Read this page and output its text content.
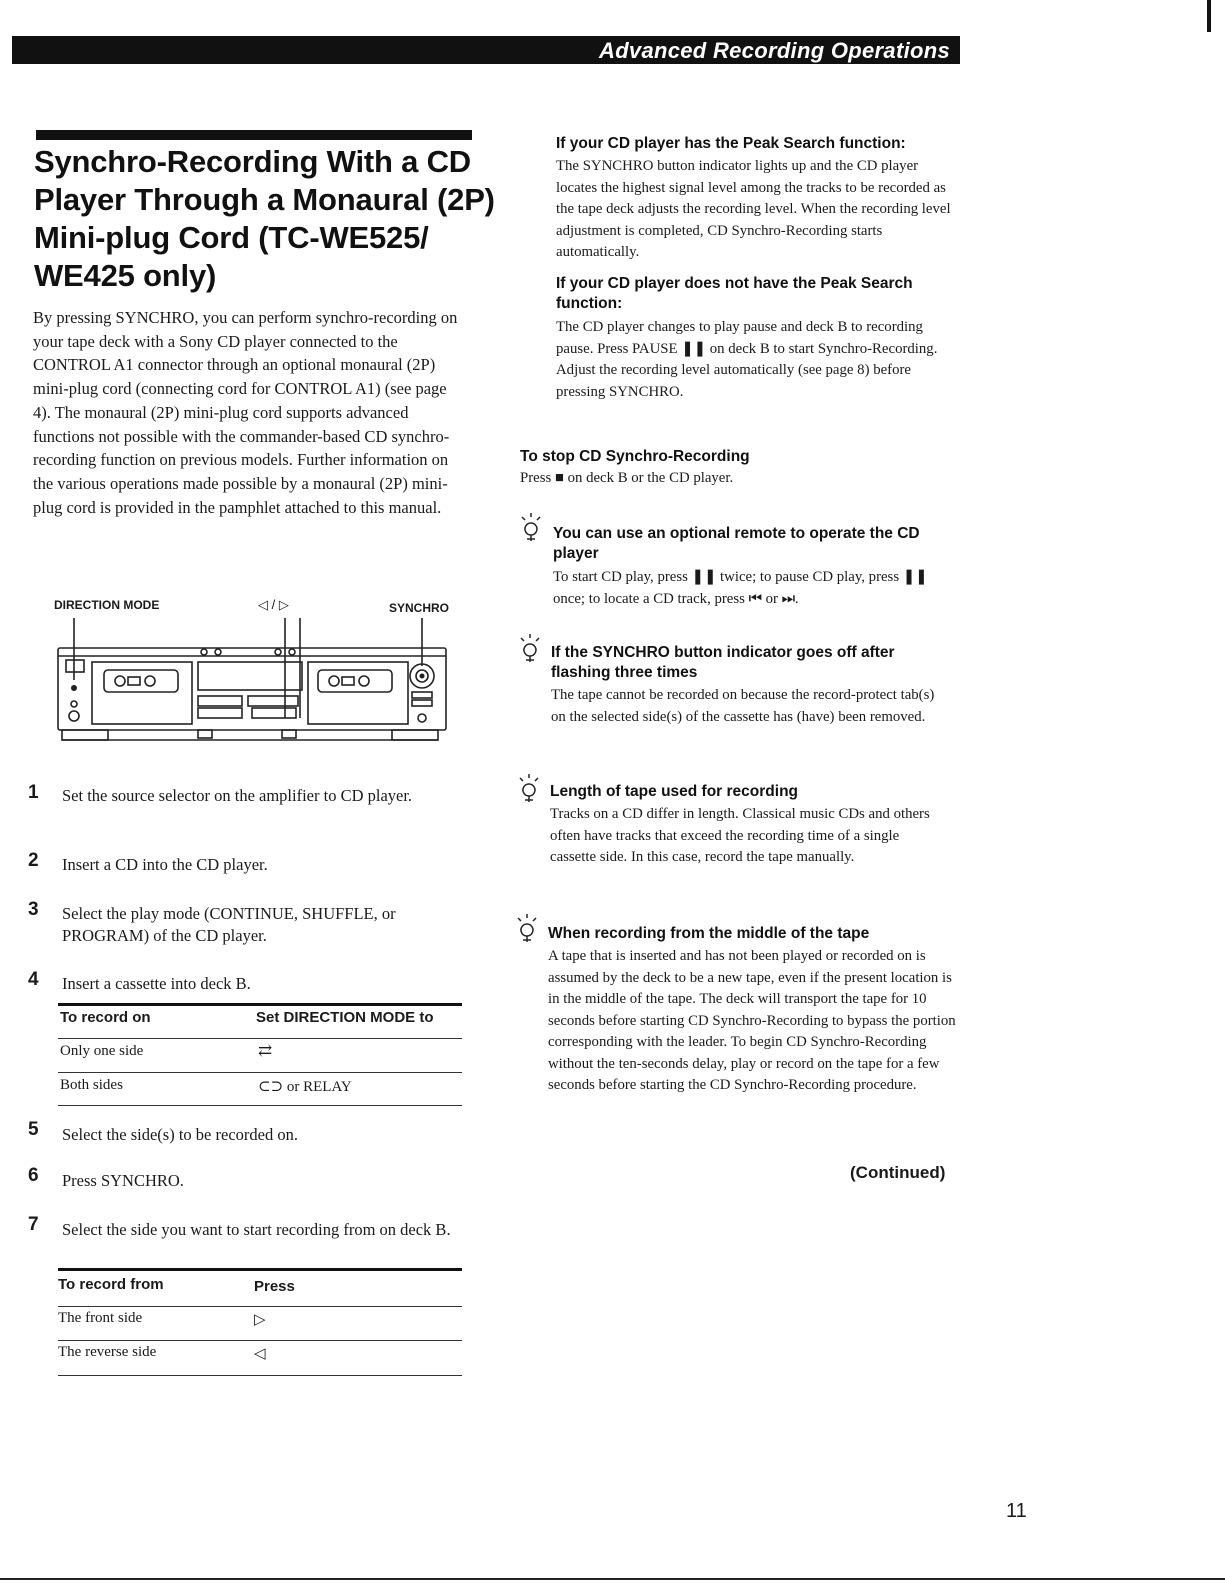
Advanced Recording Operations
Synchro-Recording With a CD Player Through a Monaural (2P) Mini-plug Cord (TC-WE525/ WE425 only)
By pressing SYNCHRO, you can perform synchro-recording on your tape deck with a Sony CD player connected to the CONTROL A1 connector through an optional monaural (2P) mini-plug cord (connecting cord for CONTROL A1) (see page 4). The monaural (2P) mini-plug cord supports advanced functions not possible with the commander-based CD synchro-recording function on previous models. Further information on the various operations made possible by a monaural (2P) mini-plug cord is provided in the pamphlet attached to this manual.
DIRECTION MODE	◁ / ▷	SYNCHRO
1 Set the source selector on the amplifier to CD player.
2 Insert a CD into the CD player.
3 Select the play mode (CONTINUE, SHUFFLE, or PROGRAM) of the CD player.
4 Insert a cassette into deck B.
To record on	Set DIRECTION MODE to
Only one side	⇄
Both sides	⊂⊃ or RELAY
5 Select the side(s) to be recorded on.
6 Press SYNCHRO.
7 Select the side you want to start recording from on deck B.
To record from	Press
The front side	▷
The reverse side	◁
If your CD player has the Peak Search function:
The SYNCHRO button indicator lights up and the CD player locates the highest signal level among the tracks to be recorded as the tape deck adjusts the recording level. When the recording level adjustment is completed, CD Synchro-Recording starts automatically.
If your CD player does not have the Peak Search function:
The CD player changes to play pause and deck B to recording pause. Press PAUSE ❚❚ on deck B to start Synchro-Recording. Adjust the recording level automatically (see page 8) before pressing SYNCHRO.
To stop CD Synchro-Recording
Press ■ on deck B or the CD player.
You can use an optional remote to operate the CD player
To start CD play, press ❚❚ twice; to pause CD play, press ❚❚ once; to locate a CD track, press ⏮ or ⏭.
If the SYNCHRO button indicator goes off after flashing three times
The tape cannot be recorded on because the record-protect tab(s) on the selected side(s) of the cassette has (have) been removed.
Length of tape used for recording
Tracks on a CD differ in length. Classical music CDs and others often have tracks that exceed the recording time of a single cassette side. In this case, record the tape manually.
When recording from the middle of the tape
A tape that is inserted and has not been played or recorded on is assumed by the deck to be a new tape, even if the present location is in the middle of the tape. The deck will transport the tape for 10 seconds before starting CD Synchro-Recording to bypass the portion corresponding with the leader. To begin CD Synchro-Recording without the ten-seconds delay, play or record on the tape for a few seconds before starting the CD Synchro-Recording procedure.
(Continued)
11
